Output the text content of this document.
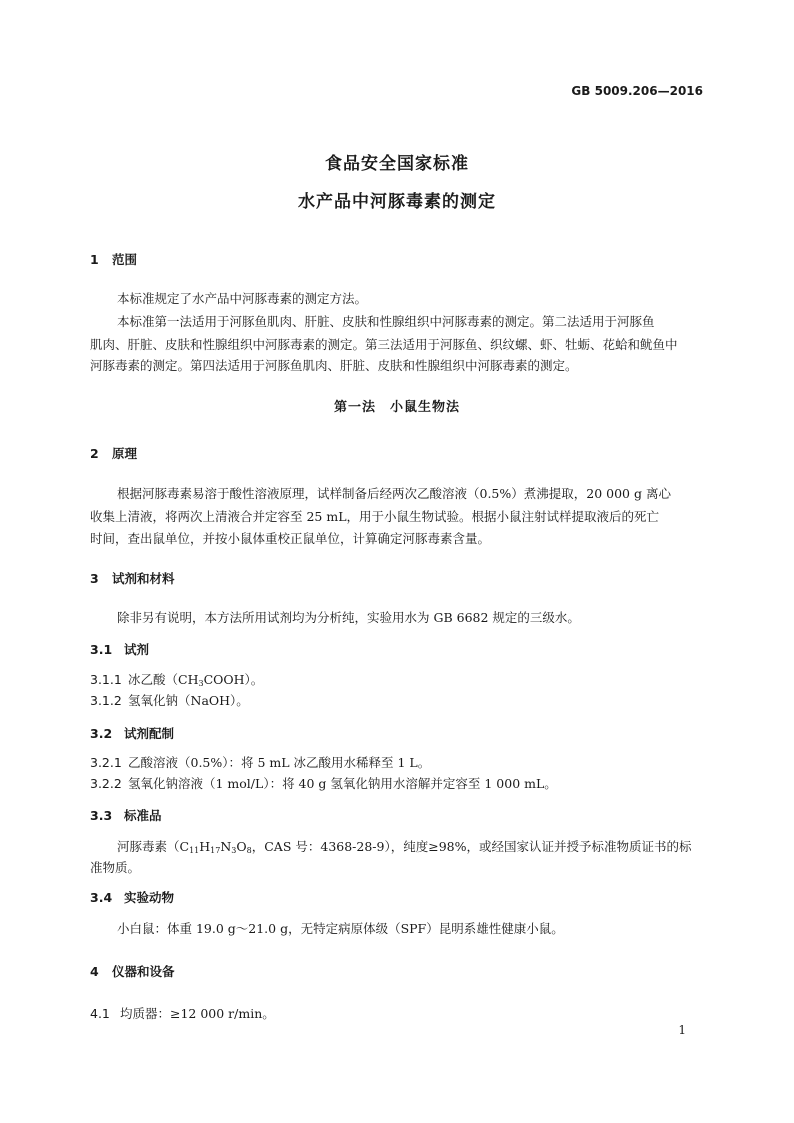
GB 5009.206—2016
食品安全国家标准
水产品中河豚毒素的测定
1 范围
本标准规定了水产品中河豚毒素的测定方法。
本标准第一法适用于河豚鱼肌肉、肝脏、皮肤和性腺组织中河豚毒素的测定。第二法适用于河豚鱼
肌肉、肝脏、皮肤和性腺组织中河豚毒素的测定。第三法适用于河豚鱼、织纹螺、虾、牡蛎、花蛤和鱿鱼中
河豚毒素的测定。第四法适用于河豚鱼肌肉、肝脏、皮肤和性腺组织中河豚毒素的测定。
第一法　小鼠生物法
2 原理
根据河豚毒素易溶于酸性溶液原理，试样制备后经两次乙酸溶液（0.5%）煮沸提取，20 000 g 离心
收集上清液，将两次上清液合并定容至 25 mL，用于小鼠生物试验。根据小鼠注射试样提取液后的死亡
时间，查出鼠单位，并按小鼠体重校正鼠单位，计算确定河豚毒素含量。
3 试剂和材料
除非另有说明，本方法所用试剂均为分析纯，实验用水为 GB 6682 规定的三级水。
3.1 试剂
3.1.1 冰乙酸$(CH_3COOH)$。
3.1.2 氢氧化钠（NaOH）。
3.2 试剂配制
3.2.1 乙酸溶液（0.5%）：将 5 mL 冰乙酸用水稀释至 1 L。
3.2.2 氢氧化钠溶液（1 mol/L）：将 40 g 氢氧化钠用水溶解并定容至 1 000 mL。
3.3 标准品
河豚毒素（$C_{11}H_{17}N_3O_8$，CAS 号：4368-28-9），纯度≥98%，或经国家认证并授予标准物质证书的标
准物质。
3.4 实验动物
小白鼠：体重 19.0 g～21.0 g，无特定病原体级（SPF）昆明系雄性健康小鼠。
4 仪器和设备
4.1 均质器：≥12 000 r/min。
1
